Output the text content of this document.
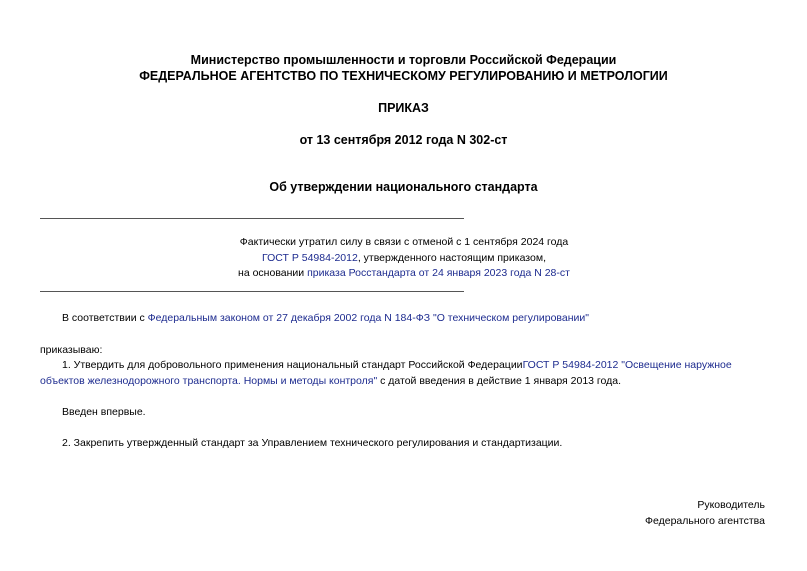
Министерство промышленности и торговли Российской Федерации
ФЕДЕРАЛЬНОЕ АГЕНТСТВО ПО ТЕХНИЧЕСКОМУ РЕГУЛИРОВАНИЮ И МЕТРОЛОГИИ
ПРИКАЗ
от 13 сентября 2012 года N 302-ст
Об утверждении национального стандарта
Фактически утратил силу в связи с отменой с 1 сентября 2024 года
ГОСТ Р 54984-2012, утвержденного настоящим приказом,
на основании приказа Росстандарта от 24 января 2023 года N 28-ст
В соответствии с Федеральным законом от 27 декабря 2002 года N 184-ФЗ "О техническом регулировании"
приказываю:
1. Утвердить для добровольного применения национальный стандарт Российской ФедерацииГОСТ Р 54984-2012 "Освещение наружное
объектов железнодорожного транспорта. Нормы и методы контроля" с датой введения в действие 1 января 2013 года.
Введен впервые.
2. Закрепить утвержденный стандарт за Управлением технического регулирования и стандартизации.
Руководитель
Федерального агентства
